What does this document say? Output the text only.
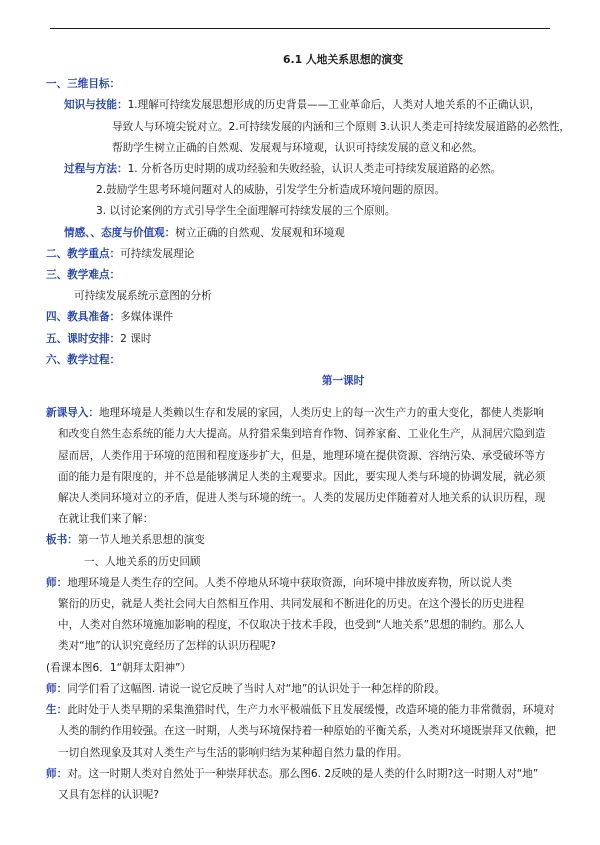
6.1 人地关系思想的演变
一、三维目标：
知识与技能：1.理解可持续发展思想形成的历史背景——工业革命后，人类对人地关系的不正确认识，
导致人与环境尖锐对立。2.可持续发展的内涵和三个原则 3.认识人类走可持续发展道路的必然性，
帮助学生树立正确的自然观、发展观与环境观，认识可持续发展的意义和必然。
过程与方法：1. 分析各历史时期的成功经验和失败经验，认识人类走可持续发展道路的必然。
2.鼓励学生思考环境问题对人的威胁，引发学生分析造成环境问题的原因。
3. 以讨论案例的方式引导学生全面理解可持续发展的三个原则。
情感、、态度与价值观：树立正确的自然观、发展观和环境观
二、教学重点：可持续发展理论
三、教学难点：
可持续发展系统示意图的分析
四、教具准备：多媒体课件
五、课时安排：2 课时
六、教学过程：
第一课时
新课导入：地理环境是人类赖以生存和发展的家园，人类历史上的每一次生产力的重大变化，都使人类影响
和改变自然生态系统的能力大大提高。从狩猎采集到培育作物、饲养家畜、工业化生产，从洞居穴隐到造
屋而居，人类作用于环境的范围和程度逐步扩大，但是，地理环境在提供资源、容纳污染、承受破坏等方
面的能力是有限度的，并不总是能够满足人类的主观要求。因此，要实现人类与环境的协调发展，就必须
解决人类同环境对立的矛盾，促进人类与环境的统一。人类的发展历史伴随着对人地关系的认识历程，现
在就让我们来了解：
板书：第一节人地关系思想的演变
一、人地关系的历史回顾
师：地理环境是人类生存的空间。人类不停地从环境中获取资源，向环境中排放废弃物，所以说人类
繁衍的历史，就是人类社会同大自然相互作用、共同发展和不断进化的历史。在这个漫长的历史进程
中，人类对自然环境施加影响的程度，不仅取决于技术手段，也受到“人地关系”思想的制约。那么人
类对“地”的认识究竟经历了怎样的认识历程呢?
(看课本图6．1“朝拜太阳神”）
师：同学们看了这幅图. 请说一说它反映了当时人对“地”的认识处于一种怎样的阶段。
生：此时处于人类早期的采集渔猎时代，生产力水平极端低下且发展缓慢，改造环境的能力非常微弱，环境对
人类的制约作用较强。在这一时期，人类与环境保持着一种原始的平衡关系，人类对环境既崇拜又依赖，把
一切自然现象及其对人类生产与生活的影响归结为某种超自然力量的作用。
师：对。这一时期人类对自然处于一种崇拜状态。那么图6. 2反映的是人类的什么时期?这一时期人对“地”
又具有怎样的认识呢?
